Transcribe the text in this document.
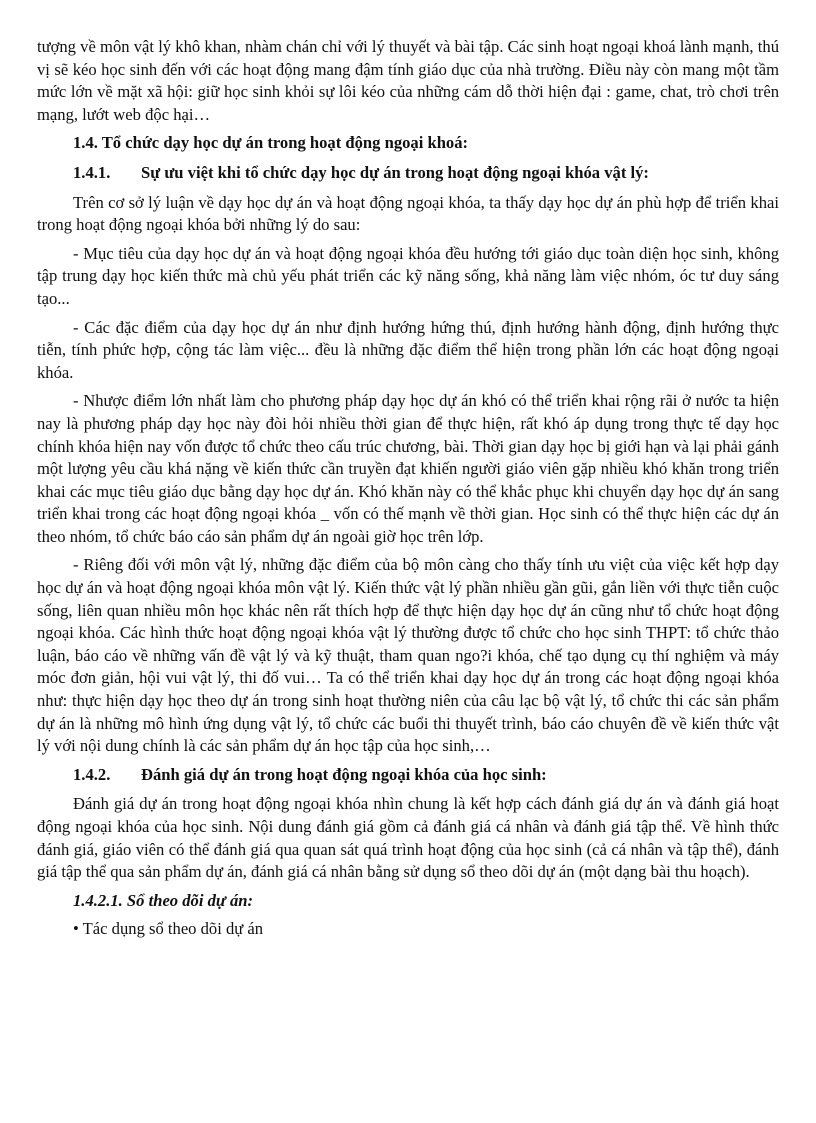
tượng về môn vật lý khô khan, nhàm chán chỉ với lý thuyết và bài tập. Các sinh hoạt ngoại khoá lành mạnh, thú vị sẽ kéo học sinh đến với các hoạt động mang đậm tính giáo dục của nhà trường. Điều này còn mang một tầm mức lớn về mặt xã hội: giữ học sinh khỏi sự lôi kéo của những cám dỗ thời hiện đại : game, chat, trò chơi trên mạng, lướt web độc hại…

1.4. Tổ chức dạy học dự án trong hoạt động ngoại khoá:
1.4.1. Sự ưu việt khi tổ chức dạy học dự án trong hoạt động ngoại khóa vật lý:

Trên cơ sở lý luận về dạy học dự án và hoạt động ngoại khóa, ta thấy dạy học dự án phù hợp để triển khai trong hoạt động ngoại khóa bởi những lý do sau:

- Mục tiêu của dạy học dự án và hoạt động ngoại khóa đều hướng tới giáo dục toàn diện học sinh, không tập trung dạy học kiến thức mà chủ yếu phát triển các kỹ năng sống, khả năng làm việc nhóm, óc tư duy sáng tạo...

- Các đặc điểm của dạy học dự án như định hướng hứng thú, định hướng hành động, định hướng thực tiễn, tính phức hợp, cộng tác làm việc... đều là những đặc điểm thể hiện trong phần lớn các hoạt động ngoại khóa.

- Nhược điểm lớn nhất làm cho phương pháp dạy học dự án khó có thể triển khai rộng rãi ở nước ta hiện nay là phương pháp dạy học này đòi hỏi nhiều thời gian để thực hiện, rất khó áp dụng trong thực tế dạy học chính khóa hiện nay vốn được tổ chức theo cấu trúc chương, bài. Thời gian dạy học bị giới hạn và lại phải gánh một lượng yêu cầu khá nặng về kiến thức cần truyền đạt khiến người giáo viên gặp nhiều khó khăn trong triển khai các mục tiêu giáo dục bằng dạy học dự án. Khó khăn này có thể khắc phục khi chuyển dạy học dự án sang triển khai trong các hoạt động ngoại khóa _ vốn có thế mạnh về thời gian. Học sinh có thể thực hiện các dự án theo nhóm, tổ chức báo cáo sản phẩm dự án ngoài giờ học trên lớp.

- Riêng đối với môn vật lý, những đặc điểm của bộ môn càng cho thấy tính ưu việt của việc kết hợp dạy học dự án và hoạt động ngoại khóa môn vật lý. Kiến thức vật lý phần nhiều gần gũi, gắn liền với thực tiễn cuộc sống, liên quan nhiều môn học khác nên rất thích hợp để thực hiện dạy học dự án cũng như tổ chức hoạt động ngoại khóa. Các hình thức hoạt động ngoại khóa vật lý thường được tổ chức cho học sinh THPT: tổ chức thảo luận, báo cáo về những vấn đề vật lý và kỹ thuật, tham quan ngo?i khóa, chế tạo dụng cụ thí nghiệm và máy móc đơn giản, hội vui vật lý, thi đố vui… Ta có thể triển khai dạy học dự án trong các hoạt động ngoại khóa như: thực hiện dạy học theo dự án trong sinh hoạt thường niên của câu lạc bộ vật lý, tổ chức thi các sản phẩm dự án là những mô hình ứng dụng vật lý, tổ chức các buổi thi thuyết trình, báo cáo chuyên đề về kiến thức vật lý với nội dung chính là các sản phẩm dự án học tập của học sinh,…

1.4.2. Đánh giá dự án trong hoạt động ngoại khóa của học sinh:

Đánh giá dự án trong hoạt động ngoại khóa nhìn chung là kết hợp cách đánh giá dự án và đánh giá hoạt động ngoại khóa của học sinh. Nội dung đánh giá gồm cả đánh giá cá nhân và đánh giá tập thể. Về hình thức đánh giá, giáo viên có thể đánh giá qua quan sát quá trình hoạt động của học sinh (cả cá nhân và tập thể), đánh giá tập thể qua sản phẩm dự án, đánh giá cá nhân bằng sử dụng sổ theo dõi dự án (một dạng bài thu hoạch).

1.4.2.1. Sổ theo dõi dự án:

• Tác dụng sổ theo dõi dự án
